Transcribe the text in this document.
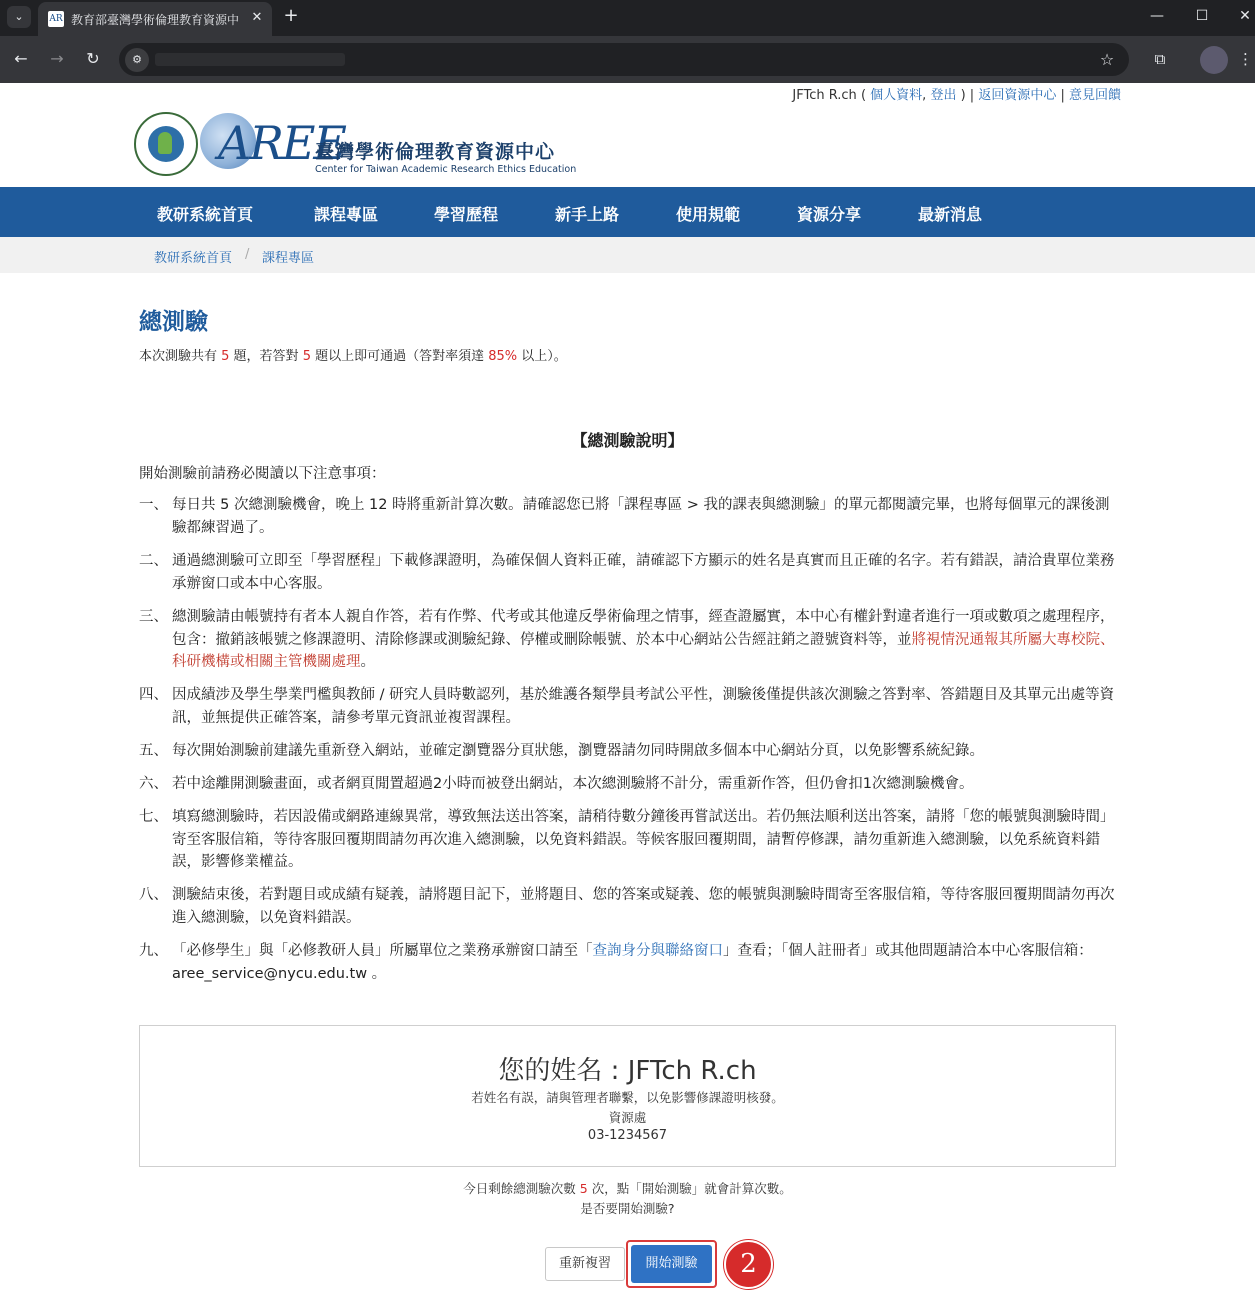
⌄	AR 教育部臺灣學術倫理教育資源中 ✕ +	—	☐	✕
←	→	↻	⚙	☆	⧉	⋮
JFTch R.ch ( 個人資料, 登出 ) | 返回資源中心 | 意見回饋
AREE
臺灣學術倫理教育資源中心
Center for Taiwan Academic Research Ethics Education
教研系統首頁	課程專區	學習歷程	新手上路	使用規範	資源分享	最新消息
教研系統首頁 / 課程專區
總測驗
本次測驗共有 5 題，若答對 5 題以上即可通過（答對率須達 85% 以上）。
【總測驗說明】
開始測驗前請務必閱讀以下注意事項：
一、 每日共 5 次總測驗機會，晚上 12 時將重新計算次數。請確認您已將「課程專區 > 我的課表與總測驗」的單元都閱讀完畢，也將每個單元的課後測驗都練習過了。
二、 通過總測驗可立即至「學習歷程」下載修課證明，為確保個人資料正確，請確認下方顯示的姓名是真實而且正確的名字。若有錯誤，請洽貴單位業務承辦窗口或本中心客服。
三、 總測驗請由帳號持有者本人親自作答，若有作弊、代考或其他違反學術倫理之情事，經查證屬實，本中心有權針對違者進行一項或數項之處理程序，包含：撤銷該帳號之修課證明、清除修課或測驗紀錄、停權或刪除帳號、於本中心網站公告經註銷之證號資料等，並將視情況通報其所屬大專校院、科研機構或相關主管機關處理。
四、 因成績涉及學生學業門檻與教師 / 研究人員時數認列，基於維護各類學員考試公平性，測驗後僅提供該次測驗之答對率、答錯題目及其單元出處等資訊，並無提供正確答案，請參考單元資訊並複習課程。
五、 每次開始測驗前建議先重新登入網站，並確定瀏覽器分頁狀態，瀏覽器請勿同時開啟多個本中心網站分頁，以免影響系統紀錄。
六、 若中途離開測驗畫面，或者網頁閒置超過2小時而被登出網站，本次總測驗將不計分，需重新作答，但仍會扣1次總測驗機會。
七、 填寫總測驗時，若因設備或網路連線異常，導致無法送出答案，請稍待數分鐘後再嘗試送出。若仍無法順利送出答案，請將「您的帳號與測驗時間」寄至客服信箱，等待客服回覆期間請勿再次進入總測驗，以免資料錯誤。等候客服回覆期間，請暫停修課，請勿重新進入總測驗，以免系統資料錯誤，影響修業權益。
八、 測驗結束後，若對題目或成績有疑義，請將題目記下，並將題目、您的答案或疑義、您的帳號與測驗時間寄至客服信箱，等待客服回覆期間請勿再次進入總測驗，以免資料錯誤。
九、 「必修學生」與「必修教研人員」所屬單位之業務承辦窗口請至「查詢身分與聯絡窗口」查看；「個人註冊者」或其他問題請洽本中心客服信箱：aree_service@nycu.edu.tw 。
您的姓名 : JFTch R.ch
若姓名有誤，請與管理者聯繫，以免影響修課證明核發。
資源處
03-1234567
今日剩餘總測驗次數 5 次，點「開始測驗」就會計算次數。
是否要開始測驗?
重新複習	開始測驗	2
